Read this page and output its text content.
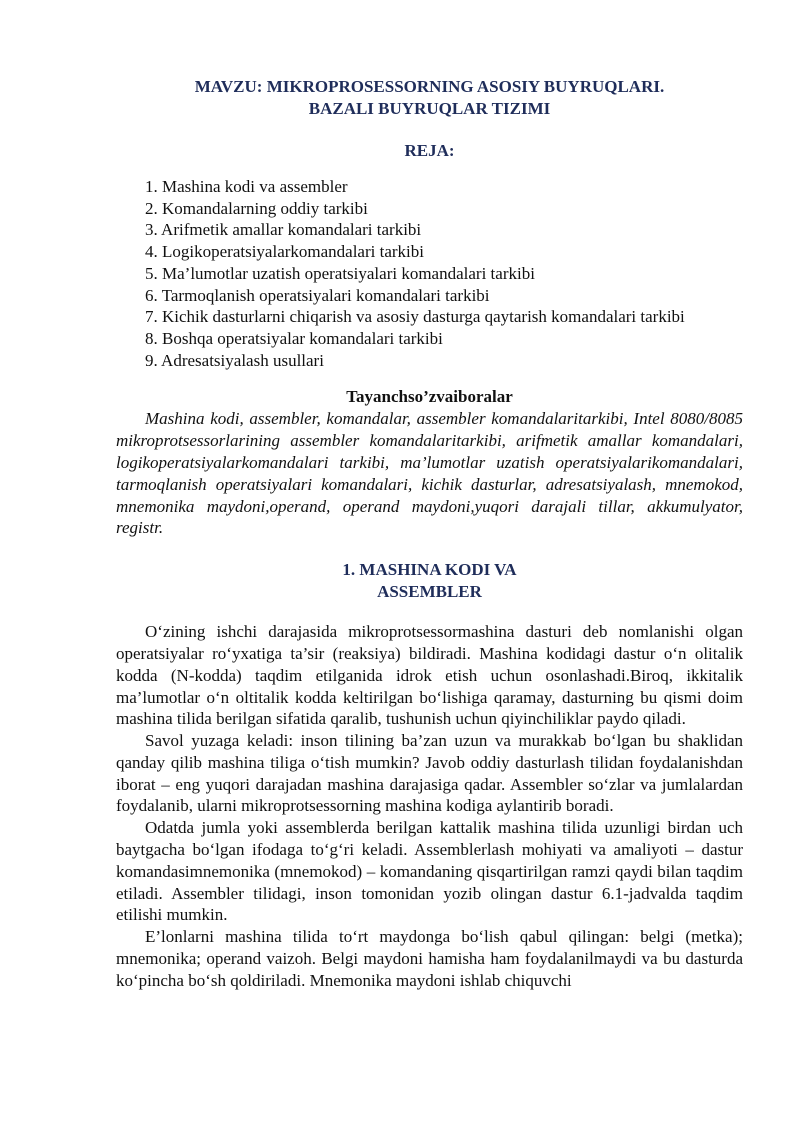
MAVZU: MIKROPROSESSORNING ASOSIY BUYRUQLARI.
BAZALI BUYRUQLAR TIZIMI
REJA:
1. Mashina kodi va assembler
2. Komandalarning oddiy tarkibi
3. Arifmetik amallar komandalari tarkibi
4. Logikoperatsiyalarkomandalari tarkibi
5. Ma’lumotlar uzatish operatsiyalari komandalari tarkibi
6. Tarmoqlanish operatsiyalari komandalari tarkibi
7. Kichik dasturlarni chiqarish va asosiy dasturga qaytarish komandalari tarkibi
8. Boshqa operatsiyalar komandalari tarkibi
9. Adresatsiyalash usullari
Tayanchso’zvaiboralar

Mashina kodi, assembler, komandalar, assembler komandalaritarkibi, Intel 8080/8085 mikroprotsessorlarining assembler komandalaritarkibi, arifmetik amallar komandalari, logikoperatsiyalarkomandalari tarkibi, ma’lumotlar uzatish operatsiyalarikomandalari, tarmoqlanish operatsiyalari komandalari, kichik dasturlar, adresatsiyalash, mnemokod, mnemonika maydoni,operand, operand maydoni,yuqori darajali tillar, akkumulyator, registr.

1. MASHINA KODI VA
ASSEMBLER

O‘zining ishchi darajasida mikroprotsessormashina dasturi deb nomlanishi olgan operatsiyalar ro‘yxatiga ta’sir (reaksiya) bildiradi. Mashina kodidagi dastur o‘n olitalik kodda (N-kodda) taqdim etilganida idrok etish uchun osonlashadi.Biroq, ikkitalik ma’lumotlar o‘n oltitalik kodda keltirilgan bo‘lishiga qaramay, dasturning bu qismi doim mashina tilida berilgan sifatida qaralib, tushunish uchun qiyinchiliklar paydo qiladi.

Savol yuzaga keladi: inson tilining ba’zan uzun va murakkab bo‘lgan bu shaklidan qanday qilib mashina tiliga o‘tish mumkin? Javob oddiy dasturlash tilidan foydalanishdan iborat – eng yuqori darajadan mashina darajasiga qadar. Assembler so‘zlar va jumlalardan foydalanib, ularni mikroprotsessorning mashina kodiga aylantirib boradi.

Odatda jumla yoki assemblerda berilgan kattalik mashina tilida uzunligi birdan uch baytgacha bo‘lgan ifodaga to‘g‘ri keladi. Assemblerlash mohiyati va amaliyoti – dastur komandasimnemonika (mnemokod) – komandaning qisqartirilgan ramzi qaydi bilan taqdim etiladi. Assembler tilidagi, inson tomonidan yozib olingan dastur 6.1-jadvalda taqdim etilishi mumkin.

E’lonlarni mashina tilida to‘rt maydonga bo‘lish qabul qilingan: belgi (metka); mnemonika; operand vaizoh. Belgi maydoni hamisha ham foydalanilmaydi va bu dasturda ko‘pincha bo‘sh qoldiriladi. Mnemonika maydoni ishlab chiquvchi
